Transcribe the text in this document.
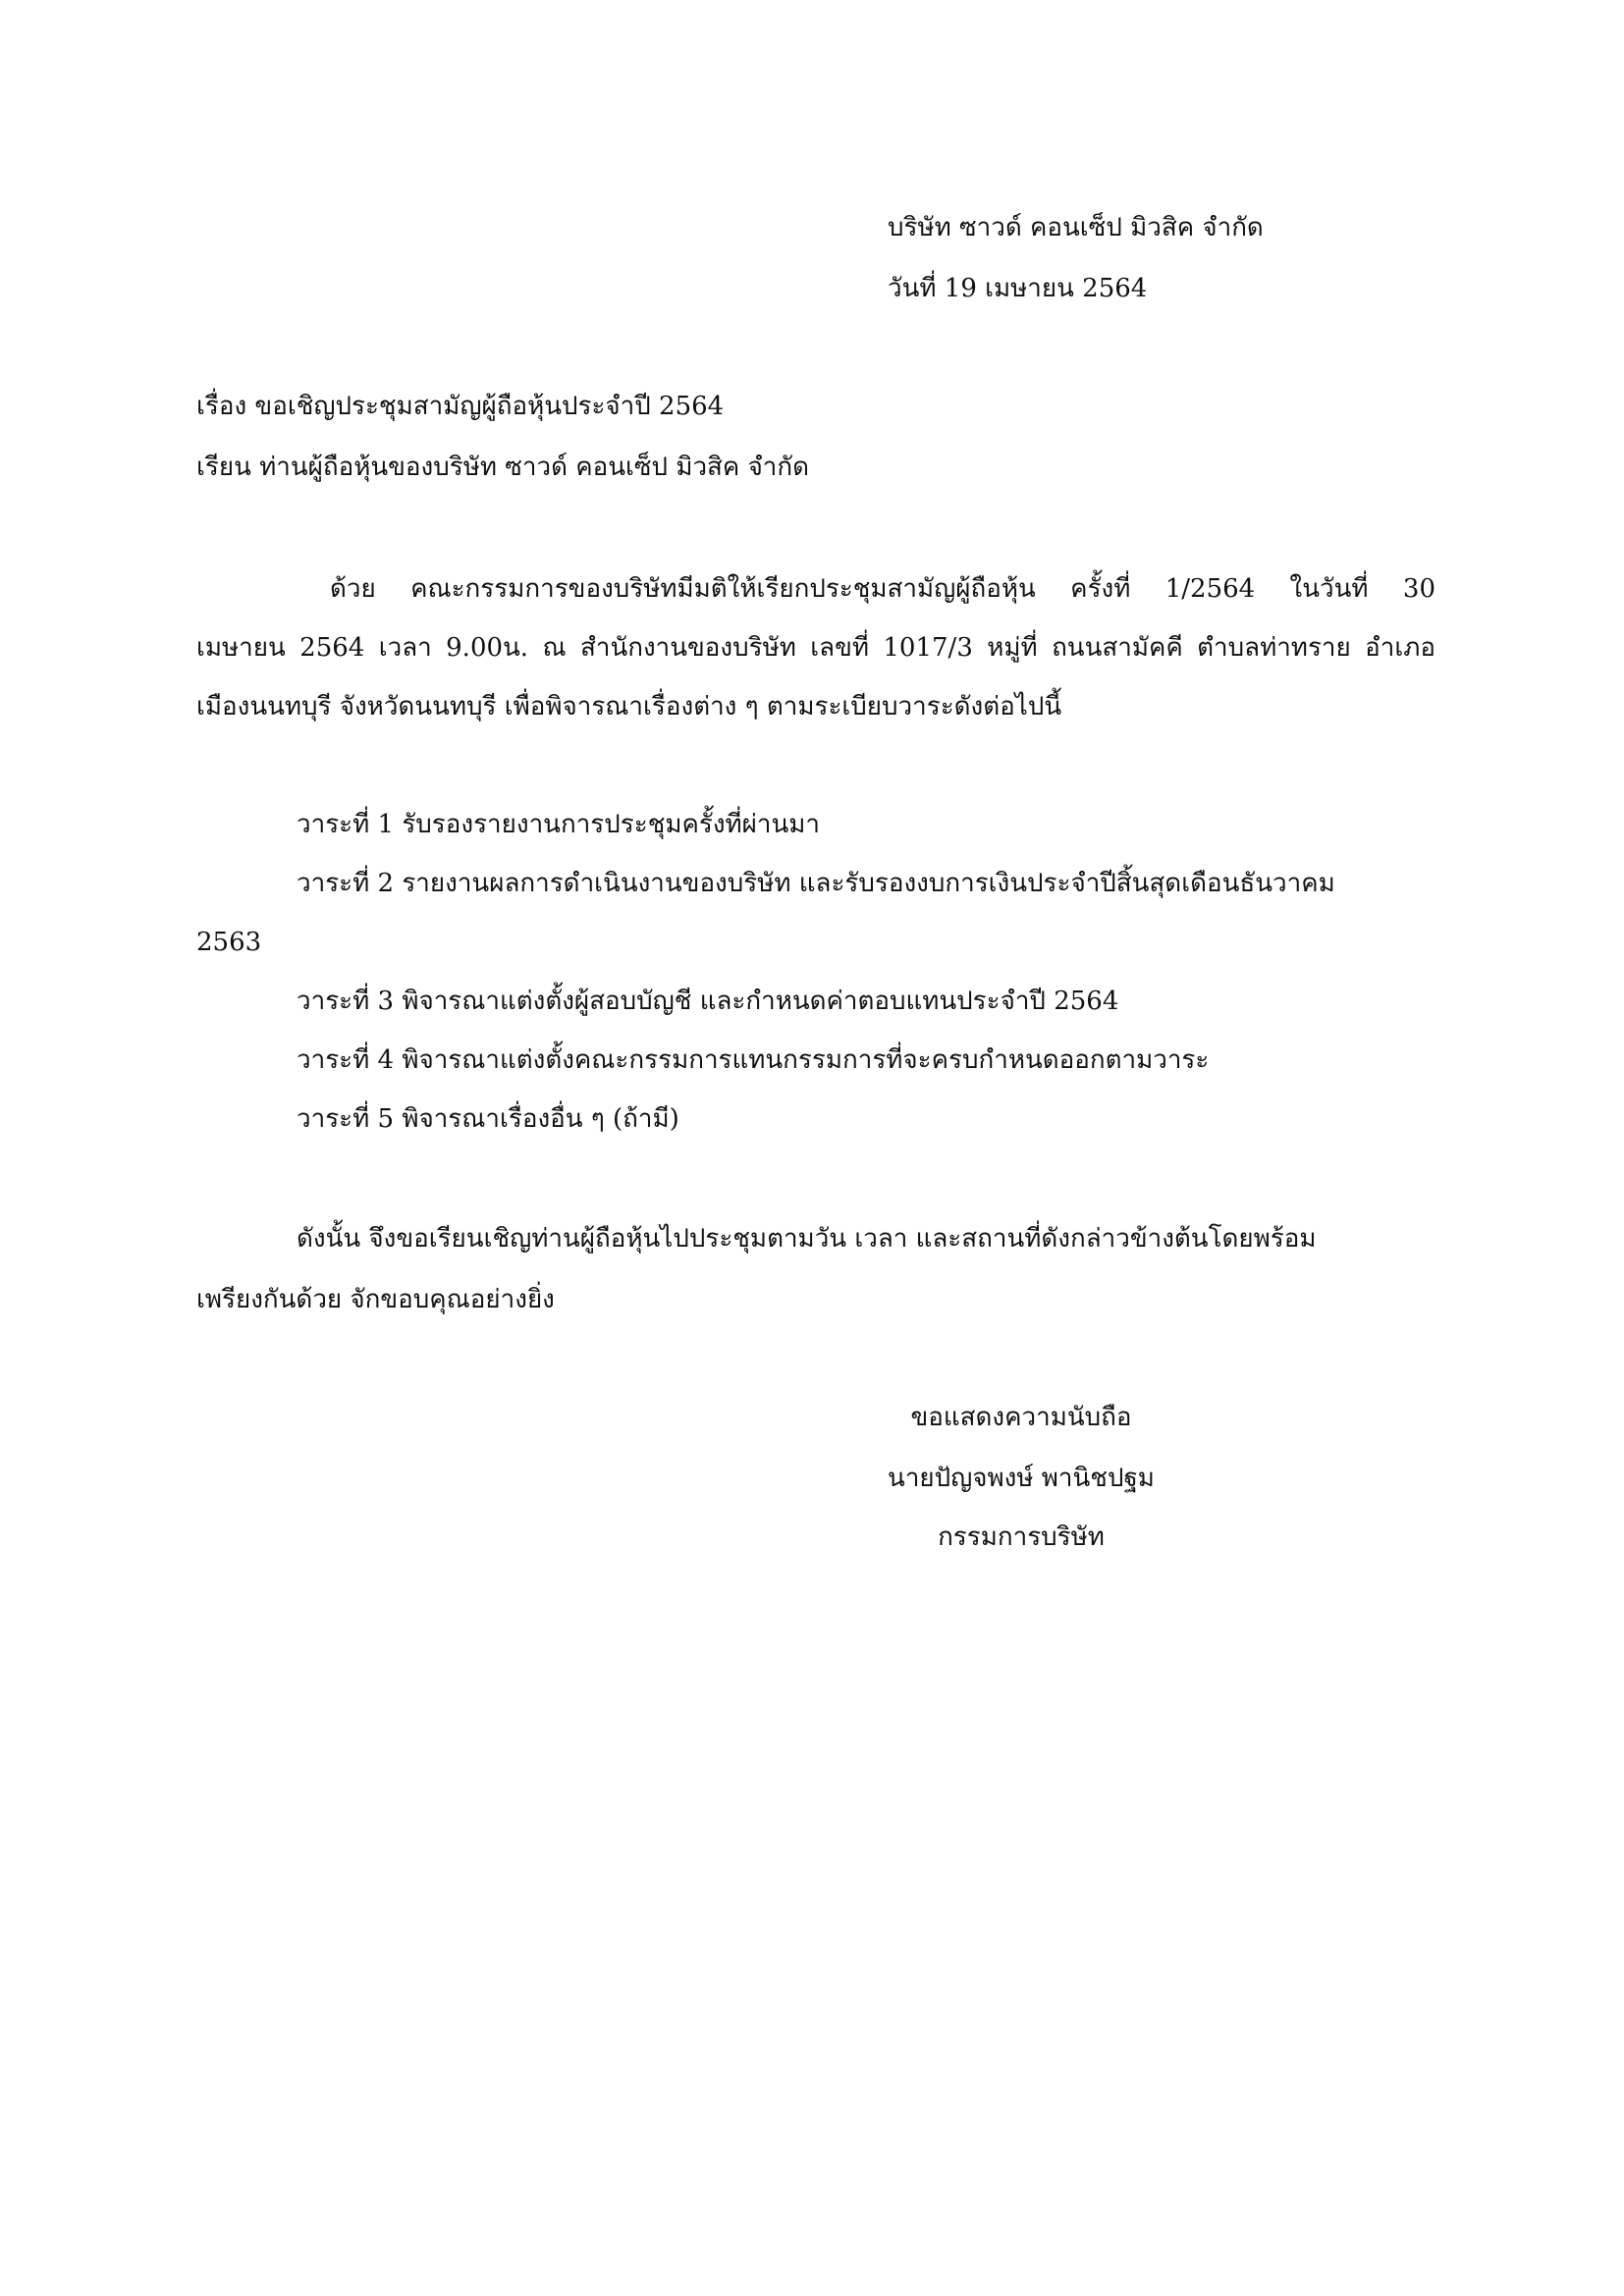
บริษัท ซาวด์ คอนเซ็ป มิวสิค จำกัด
วันที่ 19 เมษายน 2564
เรื่อง ขอเชิญประชุมสามัญผู้ถือหุ้นประจำปี 2564
เรียน ท่านผู้ถือหุ้นของบริษัท ซาวด์ คอนเซ็ป มิวสิค จำกัด
ด้วย คณะกรรมการของบริษัทมีมติให้เรียกประชุมสามัญผู้ถือหุ้น ครั้งที่ 1/2564 ในวันที่ 30
เมษายน 2564 เวลา 9.00น. ณ สำนักงานของบริษัท เลขที่ 1017/3 หมู่ที่ ถนนสามัคคี ตำบลท่าทราย อำเภอ
เมืองนนทบุรี จังหวัดนนทบุรี เพื่อพิจารณาเรื่องต่าง ๆ ตามระเบียบวาระดังต่อไปนี้
วาระที่ 1 รับรองรายงานการประชุมครั้งที่ผ่านมา
วาระที่ 2 รายงานผลการดำเนินงานของบริษัท และรับรองงบการเงินประจำปีสิ้นสุดเดือนธันวาคม
2563
วาระที่ 3 พิจารณาแต่งตั้งผู้สอบบัญชี และกำหนดค่าตอบแทนประจำปี 2564
วาระที่ 4 พิจารณาแต่งตั้งคณะกรรมการแทนกรรมการที่จะครบกำหนดออกตามวาระ
วาระที่ 5 พิจารณาเรื่องอื่น ๆ (ถ้ามี)
ดังนั้น จึงขอเรียนเชิญท่านผู้ถือหุ้นไปประชุมตามวัน เวลา และสถานที่ดังกล่าวข้างต้นโดยพร้อม
เพรียงกันด้วย จักขอบคุณอย่างยิ่ง
ขอแสดงความนับถือ
นายปัญจพงษ์ พานิชปฐม
กรรมการบริษัท
